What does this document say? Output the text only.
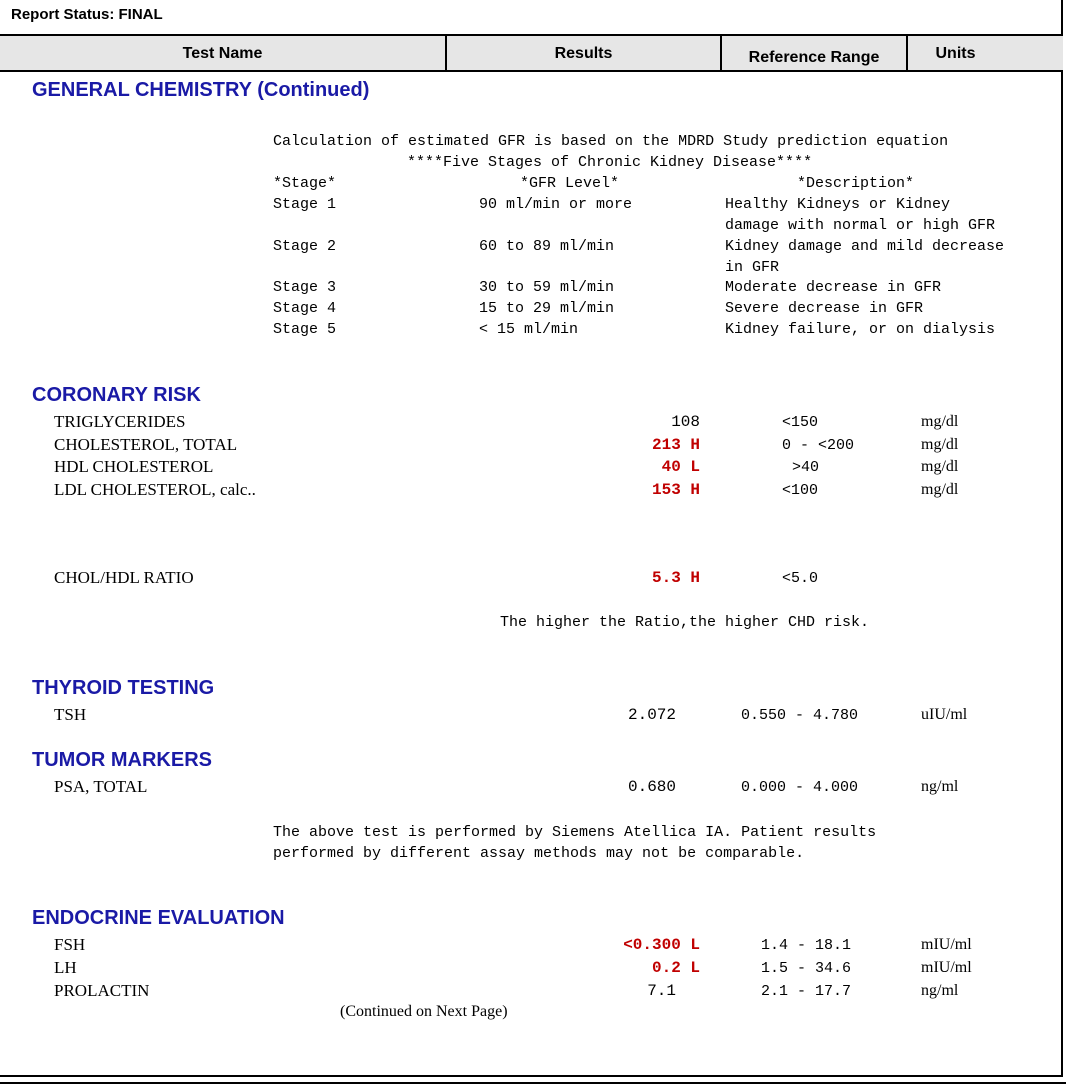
Report Status: FINAL
Test Name	Results	Reference Range	Units
GENERAL CHEMISTRY (Continued)
Calculation of estimated GFR is based on the MDRD Study prediction equation
****Five Stages of Chronic Kidney Disease****
*Stage*	*GFR Level*	*Description*
Stage 1	90 ml/min or more	Healthy Kidneys or Kidney
damage with normal or high GFR
Stage 2	60 to 89 ml/min	Kidney damage and mild decrease
in GFR
Stage 3	30 to 59 ml/min	Moderate decrease in GFR
Stage 4	15 to 29 ml/min	Severe decrease in GFR
Stage 5	< 15 ml/min	Kidney failure, or on dialysis
CORONARY RISK
TRIGLYCERIDES	108	<150	mg/dl
CHOLESTEROL, TOTAL	213 H	0 - <200	mg/dl
HDL CHOLESTEROL	40 L	>40	mg/dl
LDL CHOLESTEROL, calc..	153 H	<100	mg/dl
CHOL/HDL RATIO	5.3 H	<5.0
The higher the Ratio,the higher CHD risk.
THYROID TESTING
TSH	2.072	0.550 - 4.780	uIU/ml
TUMOR MARKERS
PSA, TOTAL	0.680	0.000 - 4.000	ng/ml
The above test is performed by Siemens Atellica IA. Patient results
performed by different assay methods may not be comparable.
ENDOCRINE EVALUATION
FSH	<0.300 L	1.4 - 18.1	mIU/ml
LH	0.2 L	1.5 - 34.6	mIU/ml
PROLACTIN	7.1	2.1 - 17.7	ng/ml
(Continued on Next Page)
